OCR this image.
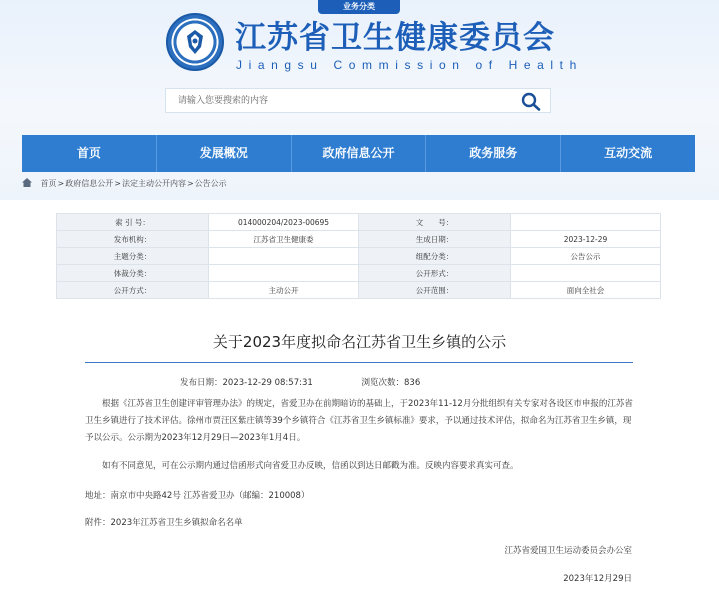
业务分类
江苏省卫生健康委员会
Jiangsu Commission of Health
请输入您要搜索的内容
首页	发展概况	政府信息公开	政务服务	互动交流
首页>政府信息公开>法定主动公开内容>公告公示
索 引 号：	014000204/2023-00695	文　　号：	
发布机构：	江苏省卫生健康委	生成日期：	2023-12-29
主题分类：		组配分类：	公告公示
体裁分类：		公开形式：	
公开方式：	主动公开	公开范围：	面向全社会
关于2023年度拟命名江苏省卫生乡镇的公示
发布日期：2023-12-29 08:57:31	浏览次数：836
根据《江苏省卫生创建评审管理办法》的规定，省爱卫办在前期暗访的基础上，于2023年11-12月分批组织有关专家对各设区市申报的江苏省卫生乡镇进行了技术评估。徐州市贾汪区紫庄镇等39个乡镇符合《江苏省卫生乡镇标准》要求，予以通过技术评估，拟命名为江苏省卫生乡镇，现予以公示。公示期为2023年12月29日—2023年1月4日。
如有不同意见，可在公示期内通过信函形式向省爱卫办反映，信函以到达日邮戳为准。反映内容要求真实可查。
地址：南京市中央路42号 江苏省爱卫办（邮编：210008）
附件：2023年江苏省卫生乡镇拟命名名单
江苏省爱国卫生运动委员会办公室
2023年12月29日
